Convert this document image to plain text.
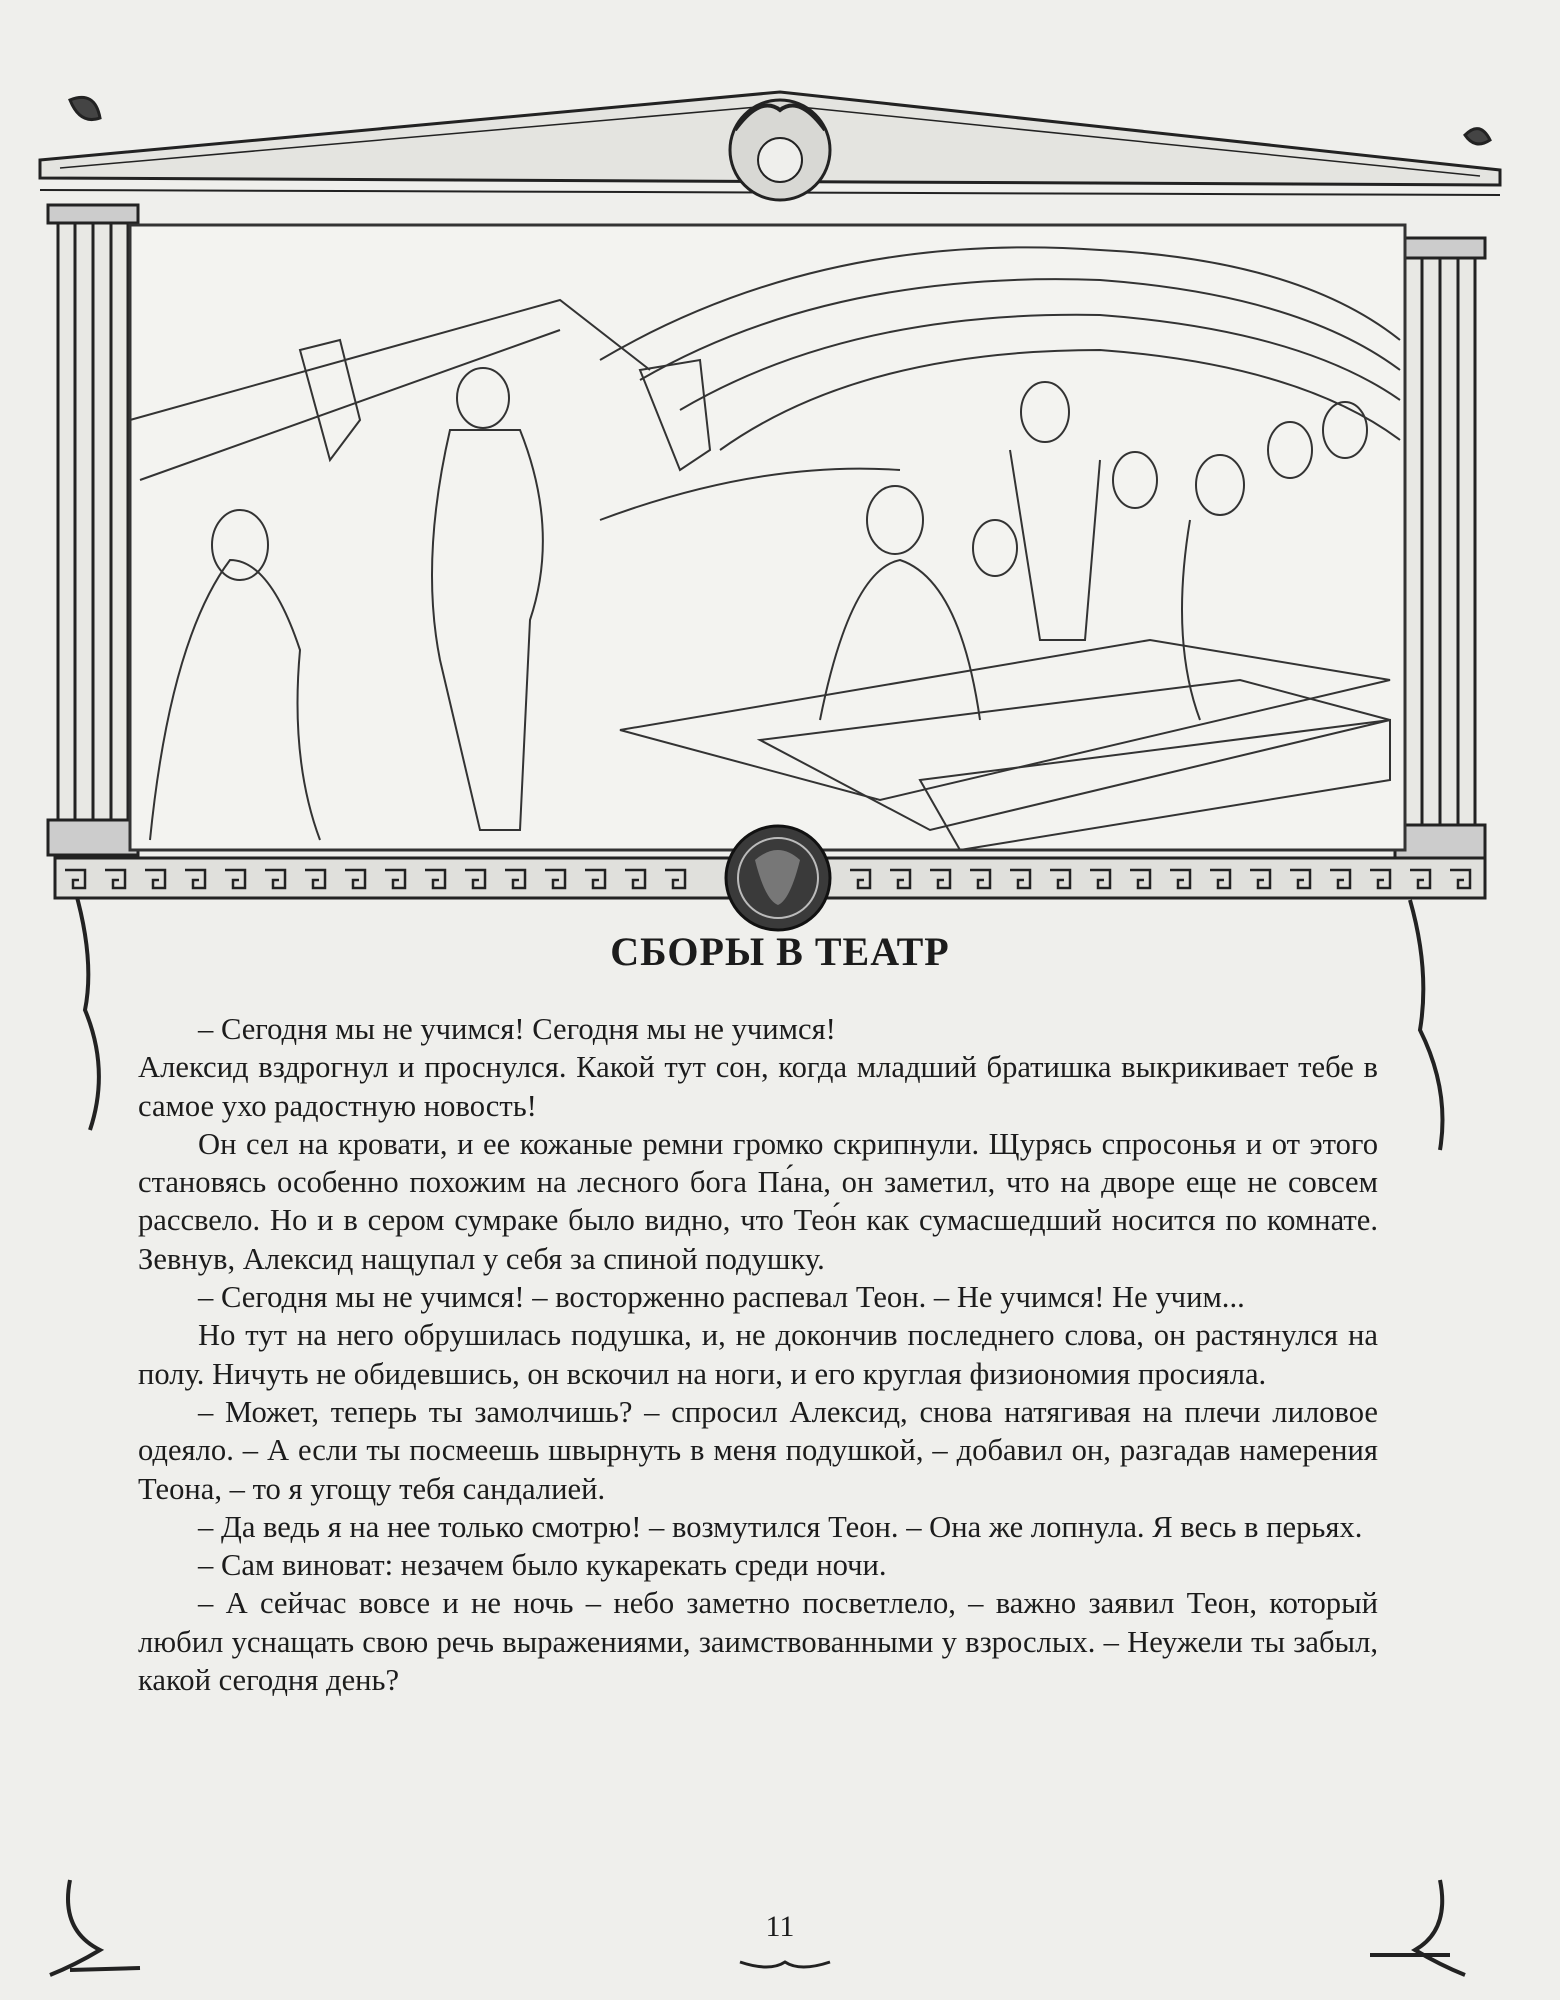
СБОРЫ В ТЕАТР

– Сегодня мы не учимся! Сегодня мы не учимся!

Алексид вздрогнул и проснулся. Какой тут сон, когда младший братишка выкрикивает тебе в самое ухо радостную новость!

Он сел на кровати, и ее кожаные ремни громко скрипнули. Щурясь спросонья и от этого становясь особенно похожим на лесного бога Па́на, он заметил, что на дворе еще не совсем рассвело. Но и в сером сумраке было видно, что Тео́н как сумасшедший носится по комнате. Зевнув, Алексид нащупал у себя за спиной подушку.

– Сегодня мы не учимся! – восторженно распевал Теон. – Не учимся! Не учим...

Но тут на него обрушилась подушка, и, не докончив последнего слова, он растянулся на полу. Ничуть не обидевшись, он вскочил на ноги, и его круглая физиономия просияла.

– Может, теперь ты замолчишь? – спросил Алексид, снова натягивая на плечи лиловое одеяло. – А если ты посмеешь швырнуть в меня подушкой, – добавил он, разгадав намерения Теона, – то я угощу тебя сандалией.

– Да ведь я на нее только смотрю! – возмутился Теон. – Она же лопнула. Я весь в перьях.

– Сам виноват: незачем было кукарекать среди ночи.

– А сейчас вовсе и не ночь – небо заметно посветлело, – важно заявил Теон, который любил уснащать свою речь выражениями, заимствованными у взрослых. – Неужели ты забыл, какой сегодня день?

11
